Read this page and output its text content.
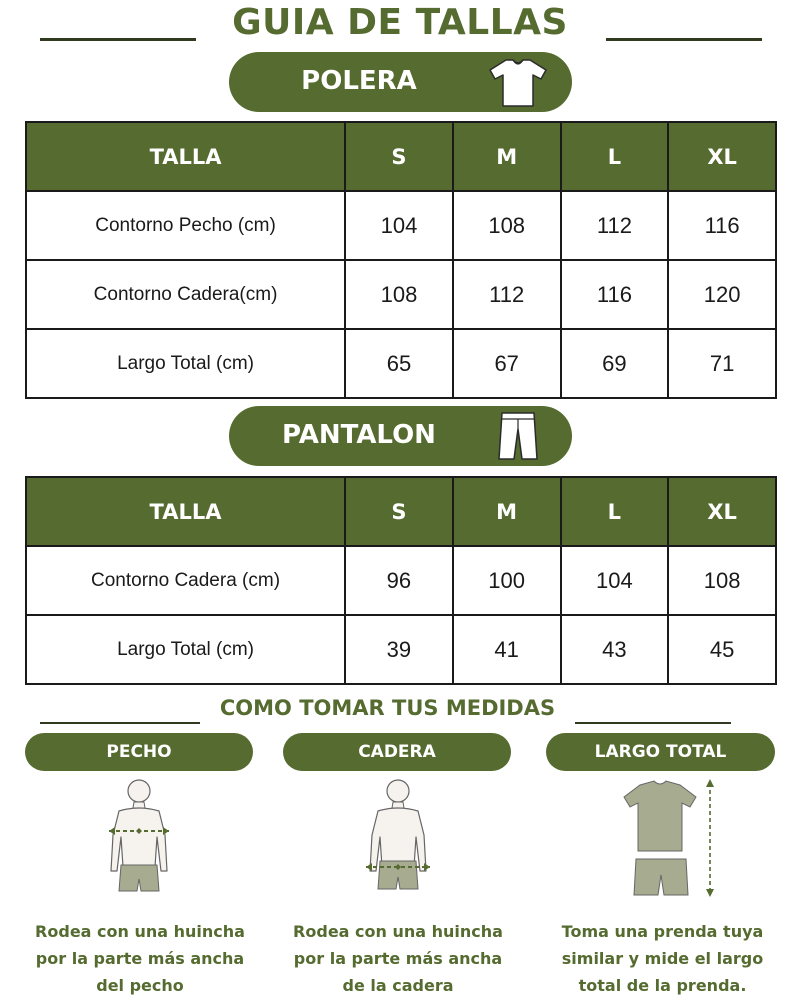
GUIA DE TALLAS
POLERA
TALLA	S	M	L	XL
Contorno Pecho (cm)	104	108	112	116
Contorno Cadera(cm)	108	112	116	120
Largo Total (cm)	65	67	69	71
PANTALON
TALLA	S	M	L	XL
Contorno Cadera (cm)	96	100	104	108
Largo Total (cm)	39	41	43	45
COMO TOMAR TUS MEDIDAS
PECHO	CADERA	LARGO TOTAL
Rodea con una huincha
por la parte más ancha
del pecho
Rodea con una huincha
por la parte más ancha
de la cadera
Toma una prenda tuya
similar y mide el largo
total de la prenda.
